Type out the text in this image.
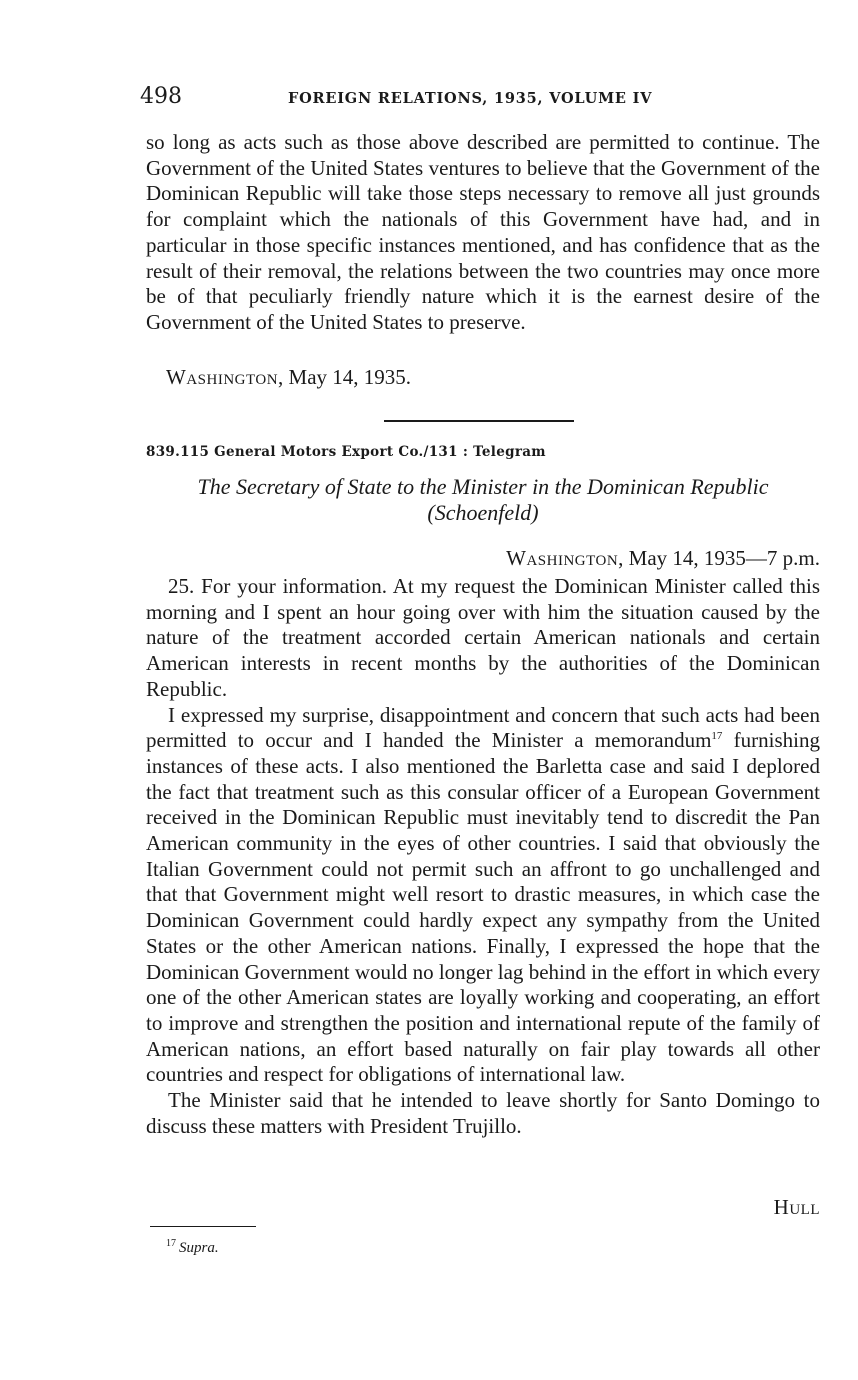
498	FOREIGN RELATIONS, 1935, VOLUME IV

so long as acts such as those above described are permitted to continue. The Government of the United States ventures to believe that the Government of the Dominican Republic will take those steps necessary to remove all just grounds for complaint which the nationals of this Government have had, and in particular in those specific instances mentioned, and has confidence that as the result of their removal, the relations between the two countries may once more be of that peculiarly friendly nature which it is the earnest desire of the Government of the United States to preserve.

Washington, May 14, 1935.
839.115 General Motors Export Co./131 : Telegram
The Secretary of State to the Minister in the Dominican Republic (Schoenfeld)
Washington, May 14, 1935—7 p.m.

25. For your information. At my request the Dominican Minister called this morning and I spent an hour going over with him the situation caused by the nature of the treatment accorded certain American nationals and certain American interests in recent months by the authorities of the Dominican Republic.

I expressed my surprise, disappointment and concern that such acts had been permitted to occur and I handed the Minister a memorandum$^{17}$ furnishing instances of these acts. I also mentioned the Barletta case and said I deplored the fact that treatment such as this consular officer of a European Government received in the Dominican Republic must inevitably tend to discredit the Pan American community in the eyes of other countries. I said that obviously the Italian Government could not permit such an affront to go unchallenged and that that Government might well resort to drastic measures, in which case the Dominican Government could hardly expect any sympathy from the United States or the other American nations. Finally, I expressed the hope that the Dominican Government would no longer lag behind in the effort in which every one of the other American states are loyally working and cooperating, an effort to improve and strengthen the position and international repute of the family of American nations, an effort based naturally on fair play towards all other countries and respect for obligations of international law.

The Minister said that he intended to leave shortly for Santo Domingo to discuss these matters with President Trujillo.

Hull
$^{17}$ Supra.
